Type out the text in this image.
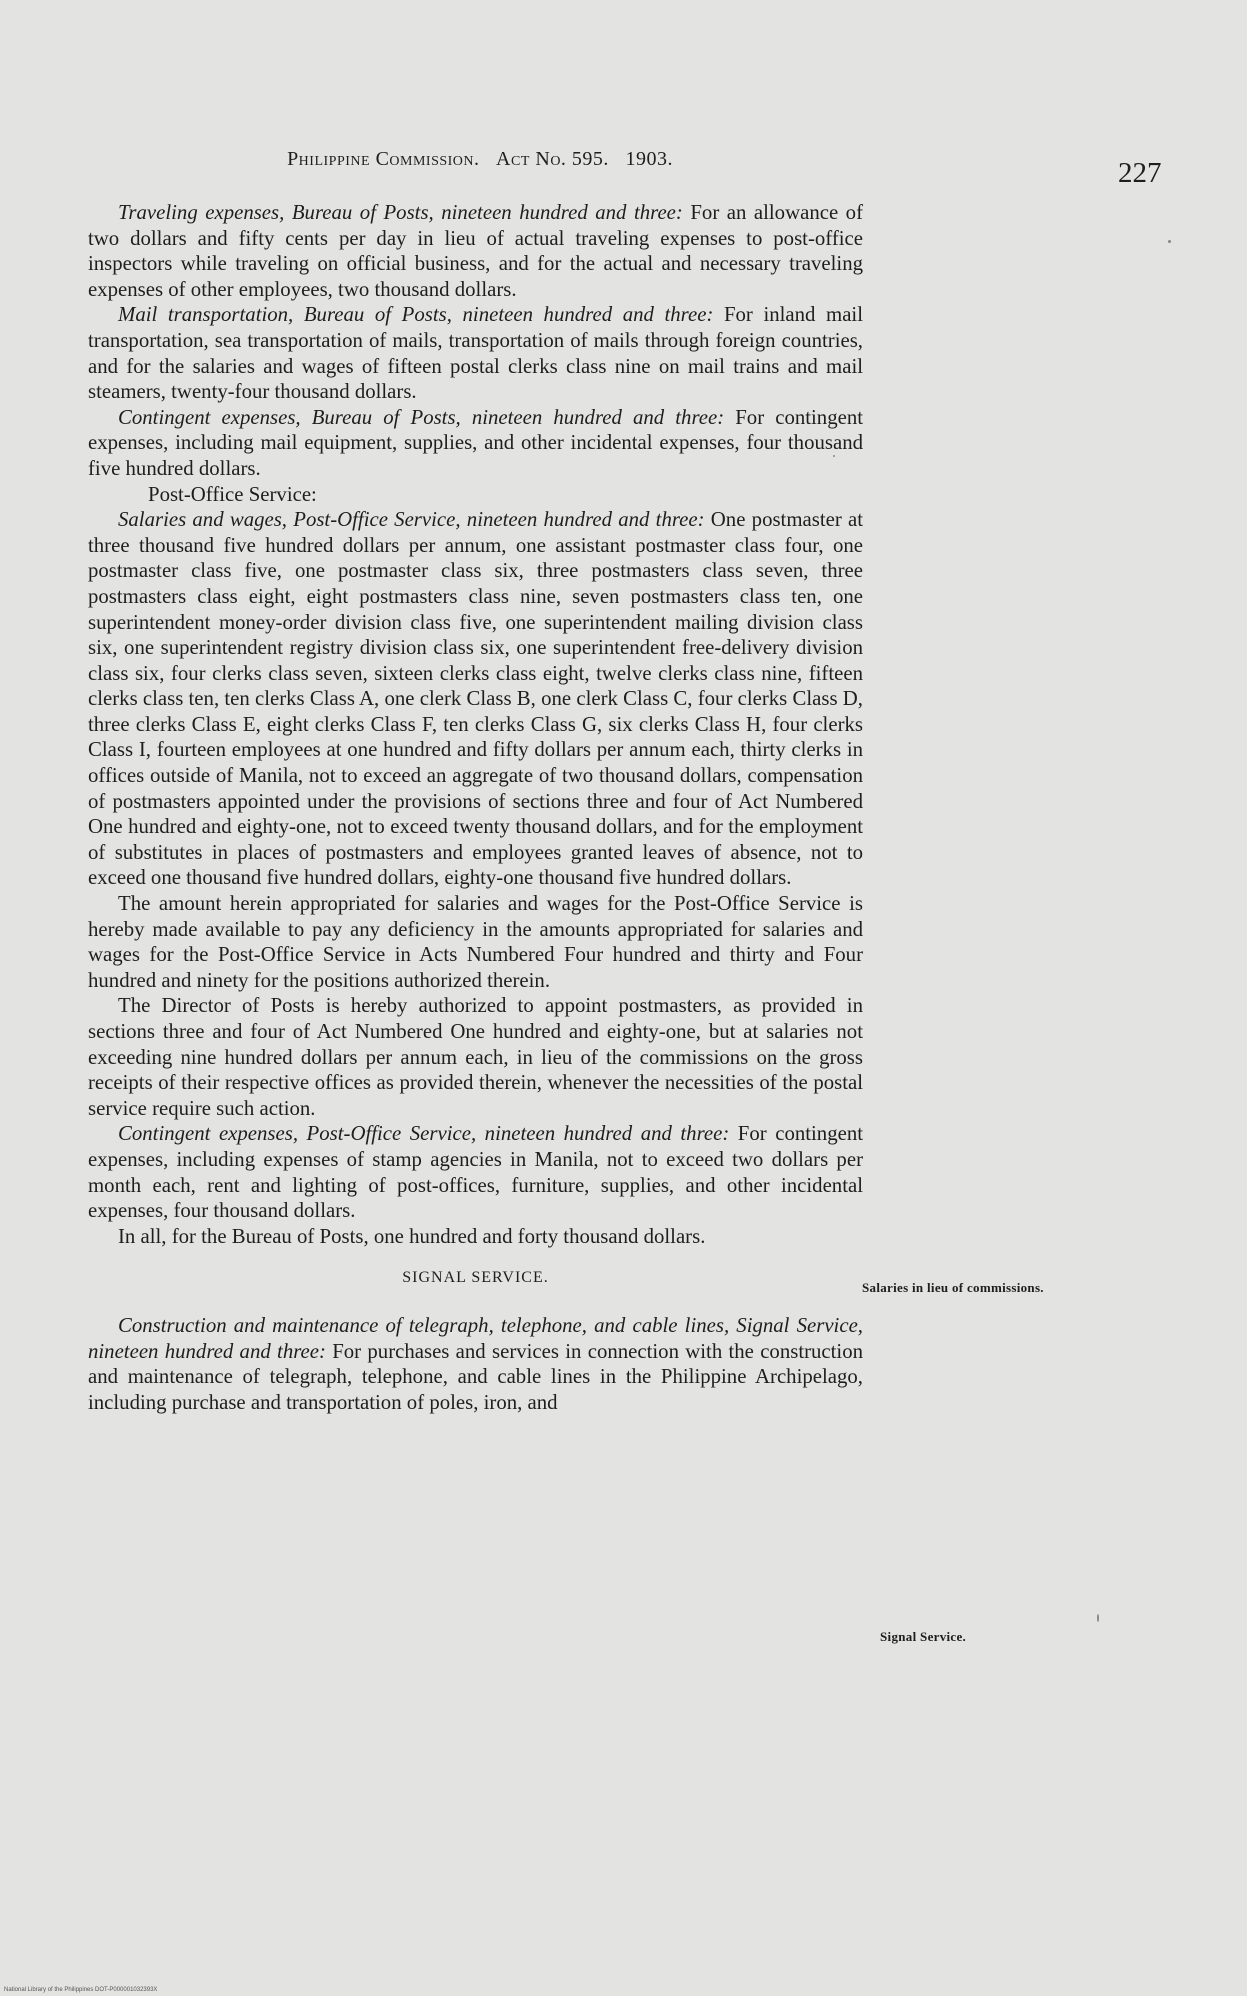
Philippine Commission. Act No. 595. 1903.	227

Traveling expenses, Bureau of Posts, nineteen hundred and three: For an allowance of two dollars and fifty cents per day in lieu of actual traveling expenses to post-office inspectors while traveling on official business, and for the actual and necessary traveling expenses of other employees, two thousand dollars.

Mail transportation, Bureau of Posts, nineteen hundred and three: For inland mail transportation, sea transportation of mails, transportation of mails through foreign countries, and for the salaries and wages of fifteen postal clerks class nine on mail trains and mail steamers, twenty-four thousand dollars.

Contingent expenses, Bureau of Posts, nineteen hundred and three: For contingent expenses, including mail equipment, supplies, and other incidental expenses, four thousand five hundred dollars.

Post-Office Service:

Salaries and wages, Post-Office Service, nineteen hundred and three: One postmaster at three thousand five hundred dollars per annum, one assistant postmaster class four, one postmaster class five, one postmaster class six, three postmasters class seven, three postmasters class eight, eight postmasters class nine, seven postmasters class ten, one superintendent money-order division class five, one superintendent mailing division class six, one superintendent registry division class six, one superintendent free-delivery division class six, four clerks class seven, sixteen clerks class eight, twelve clerks class nine, fifteen clerks class ten, ten clerks Class A, one clerk Class B, one clerk Class C, four clerks Class D, three clerks Class E, eight clerks Class F, ten clerks Class G, six clerks Class H, four clerks Class I, fourteen employees at one hundred and fifty dollars per annum each, thirty clerks in offices outside of Manila, not to exceed an aggregate of two thousand dollars, compensation of postmasters appointed under the provisions of sections three and four of Act Numbered One hundred and eighty-one, not to exceed twenty thousand dollars, and for the employment of substitutes in places of postmasters and employees granted leaves of absence, not to exceed one thousand five hundred dollars, eighty-one thousand five hundred dollars.

The amount herein appropriated for salaries and wages for the Post-Office Service is hereby made available to pay any deficiency in the amounts appropriated for salaries and wages for the Post-Office Service in Acts Numbered Four hundred and thirty and Four hundred and ninety for the positions authorized therein.

The Director of Posts is hereby authorized to appoint postmasters, as provided in sections three and four of Act Numbered One hundred and eighty-one, but at salaries not exceeding nine hundred dollars per annum each, in lieu of the commissions on the gross receipts of their respective offices as provided therein, whenever the necessities of the postal service require such action.

Contingent expenses, Post-Office Service, nineteen hundred and three: For contingent expenses, including expenses of stamp agencies in Manila, not to exceed two dollars per month each, rent and lighting of post-offices, furniture, supplies, and other incidental expenses, four thousand dollars.

In all, for the Bureau of Posts, one hundred and forty thousand dollars.

SIGNAL SERVICE.

Construction and maintenance of telegraph, telephone, and cable lines, Signal Service, nineteen hundred and three: For purchases and services in connection with the construction and maintenance of telegraph, telephone, and cable lines in the Philippine Archipelago, including purchase and transportation of poles, iron, and

Salaries in lieu of commissions.
Signal Service.
National Library of the Philippines DOT-P000001032393X
